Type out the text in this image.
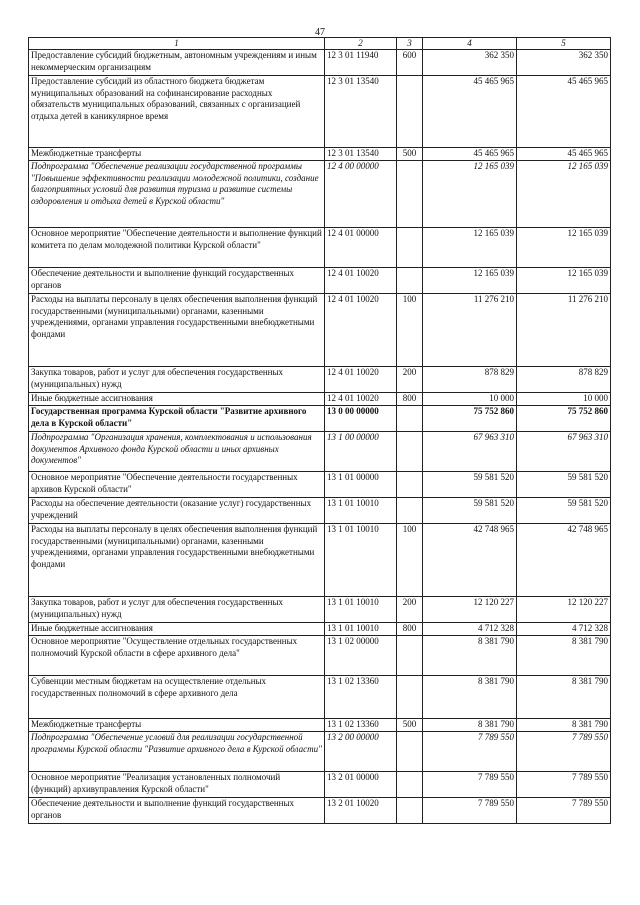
47
1	2	3	4	5
Предоставление субсидий бюджетным, автономным учреждениям и иным некоммерческим организациям	12 3 01 11940	600	362 350	362 350
Предоставление субсидий из областного бюджета бюджетам муниципальных образований на софинансирование расходных обязательств муниципальных образований, связанных с организацией отдыха детей в каникулярное время	12 3 01 13540		45 465 965	45 465 965
Межбюджетные трансферты	12 3 01 13540	500	45 465 965	45 465 965
Подпрограмма "Обеспечение реализации государственной программы "Повышение эффективности реализации молодежной политики, создание благоприятных условий для развития туризма и развитие системы оздоровления и отдыха детей в Курской области"	12 4 00 00000		12 165 039	12 165 039
Основное мероприятие "Обеспечение деятельности и выполнение функций комитета по делам молодежной политики Курской области"	12 4 01 00000		12 165 039	12 165 039
Обеспечение деятельности и выполнение функций государственных органов	12 4 01 10020		12 165 039	12 165 039
Расходы на выплаты персоналу в целях обеспечения выполнения функций государственными (муниципальными) органами, казенными учреждениями, органами управления государственными внебюджетными фондами	12 4 01 10020	100	11 276 210	11 276 210
Закупка товаров, работ и услуг для обеспечения государственных (муниципальных) нужд	12 4 01 10020	200	878 829	878 829
Иные бюджетные ассигнования	12 4 01 10020	800	10 000	10 000
Государственная программа Курской области "Развитие архивного дела в Курской области"	13 0 00 00000		75 752 860	75 752 860
Подпрограмма "Организация хранения, комплектования и использования документов Архивного фонда Курской области и иных архивных документов"	13 1 00 00000		67 963 310	67 963 310
Основное мероприятие "Обеспечение деятельности государственных архивов Курской области"	13 1 01 00000		59 581 520	59 581 520
Расходы на обеспечение деятельности (оказание услуг) государственных учреждений	13 1 01 10010		59 581 520	59 581 520
Расходы на выплаты персоналу в целях обеспечения выполнения функций государственными (муниципальными) органами, казенными учреждениями, органами управления государственными внебюджетными фондами	13 1 01 10010	100	42 748 965	42 748 965
Закупка товаров, работ и услуг для обеспечения государственных (муниципальных) нужд	13 1 01 10010	200	12 120 227	12 120 227
Иные бюджетные ассигнования	13 1 01 10010	800	4 712 328	4 712 328
Основное мероприятие "Осуществление отдельных государственных полномочий Курской области в сфере архивного дела"	13 1 02 00000		8 381 790	8 381 790
Субвенции местным бюджетам на осуществление отдельных государственных полномочий в сфере архивного дела	13 1 02 13360		8 381 790	8 381 790
Межбюджетные трансферты	13 1 02 13360	500	8 381 790	8 381 790
Подпрограмма "Обеспечение условий для реализации государственной программы Курской области "Развитие архивного дела в Курской области"	13 2 00 00000		7 789 550	7 789 550
Основное мероприятие "Реализация установленных полномочий (функций) архивуправления Курской области"	13 2 01 00000		7 789 550	7 789 550
Обеспечение деятельности и выполнение функций государственных органов	13 2 01 10020		7 789 550	7 789 550
